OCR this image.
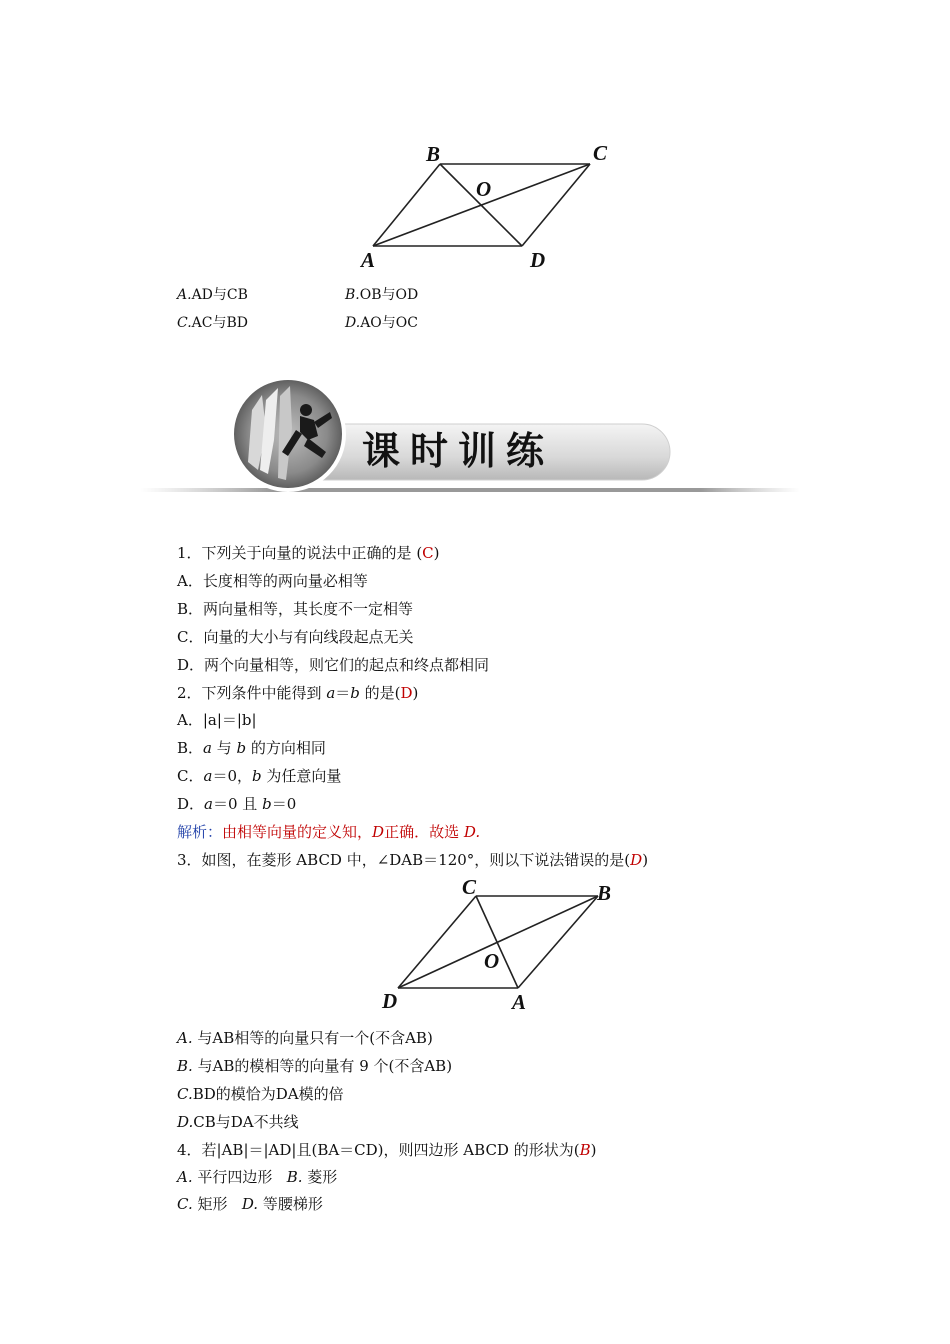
B	C
O
A	D
A.AD与CB	B.OB与OD
C.AC与BD	D.AO与OC
课时训练
1．下列关于向量的说法中正确的是 (C)
A．长度相等的两向量必相等
B．两向量相等，其长度不一定相等
C．向量的大小与有向线段起点无关
D．两个向量相等，则它们的起点和终点都相同
2．下列条件中能得到 a＝b 的是(D)
A．|a|＝|b|
B．a 与 b 的方向相同
C．a＝0，b 为任意向量
D．a＝0 且 b＝0
解析：由相等向量的定义知，D正确．故选 D.
3．如图，在菱形 ABCD 中，∠DAB＝120°，则以下说法错误的是(D)
C	B
O
D	A
A. 与AB相等的向量只有一个(不含AB)
B. 与AB的模相等的向量有 9 个(不含AB)
C.BD的模恰为DA模的倍
D.CB与DA不共线
4．若|AB|＝|AD|且(BA＝CD)，则四边形 ABCD 的形状为(B)
A. 平行四边形 B. 菱形
C. 矩形 D. 等腰梯形
